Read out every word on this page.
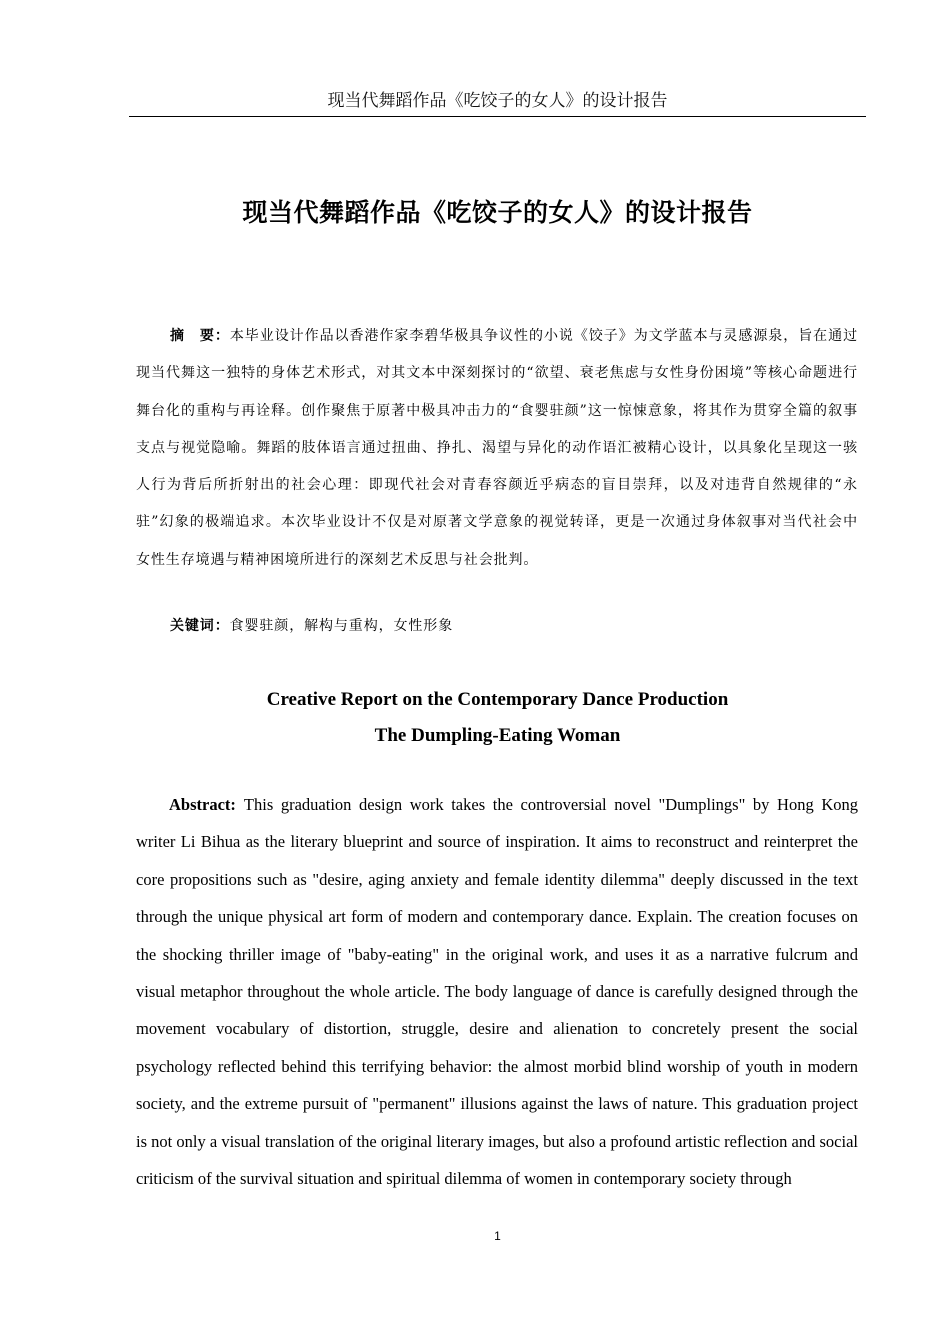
现当代舞蹈作品《吃饺子的女人》的设计报告
现当代舞蹈作品《吃饺子的女人》的设计报告

摘　要：本毕业设计作品以香港作家李碧华极具争议性的小说《饺子》为文学蓝本与灵感源泉，旨在通过现当代舞这一独特的身体艺术形式，对其文本中深刻探讨的“欲望、衰老焦虑与女性身份困境”等核心命题进行舞台化的重构与再诠释。创作聚焦于原著中极具冲击力的“食婴驻颜”这一惊悚意象，将其作为贯穿全篇的叙事支点与视觉隐喻。舞蹈的肢体语言通过扭曲、挣扎、渴望与异化的动作语汇被精心设计，以具象化呈现这一骇人行为背后所折射出的社会心理：即现代社会对青春容颜近乎病态的盲目崇拜，以及对违背自然规律的“永驻”幻象的极端追求。本次毕业设计不仅是对原著文学意象的视觉转译，更是一次通过身体叙事对当代社会中女性生存境遇与精神困境所进行的深刻艺术反思与社会批判。

关键词：食婴驻颜，解构与重构，女性形象

Creative Report on the Contemporary Dance Production
The Dumpling-Eating Woman

Abstract: This graduation design work takes the controversial novel "Dumplings" by Hong Kong writer Li Bihua as the literary blueprint and source of inspiration. It aims to reconstruct and reinterpret the core propositions such as "desire, aging anxiety and female identity dilemma" deeply discussed in the text through the unique physical art form of modern and contemporary dance. Explain. The creation focuses on the shocking thriller image of "baby-eating" in the original work, and uses it as a narrative fulcrum and visual metaphor throughout the whole article. The body language of dance is carefully designed through the movement vocabulary of distortion, struggle, desire and alienation to concretely present the social psychology reflected behind this terrifying behavior: the almost morbid blind worship of youth in modern society, and the extreme pursuit of "permanent" illusions against the laws of nature. This graduation project is not only a visual translation of the original literary images, but also a profound artistic reflection and social criticism of the survival situation and spiritual dilemma of women in contemporary society through

1
